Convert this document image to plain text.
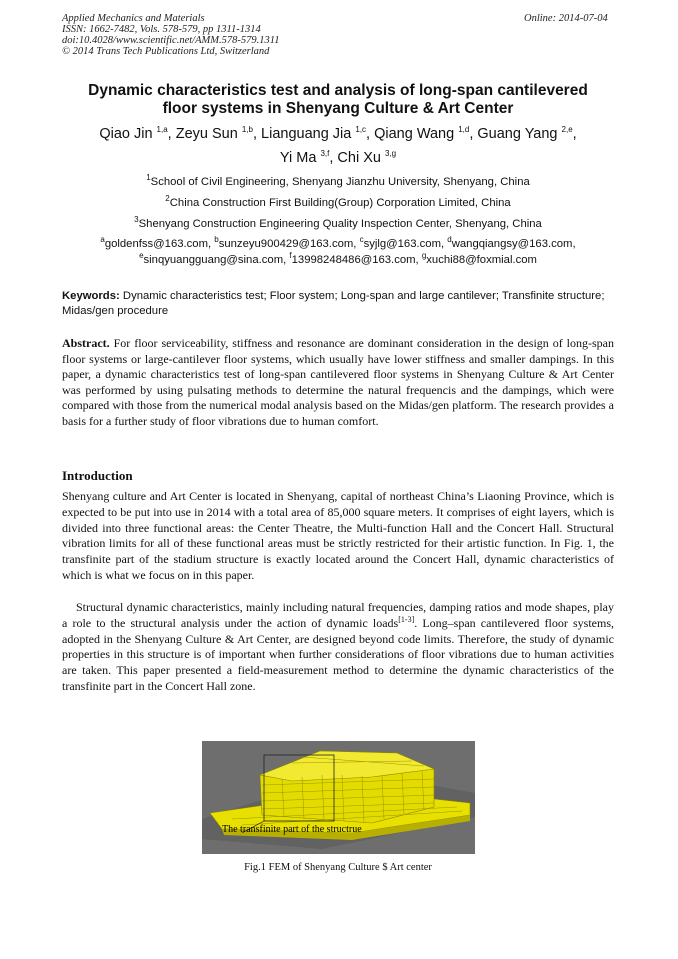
Applied Mechanics and Materials
ISSN: 1662-7482, Vols. 578-579, pp 1311-1314
doi:10.4028/www.scientific.net/AMM.578-579.1311
© 2014 Trans Tech Publications Ltd, Switzerland
Online: 2014-07-04
Dynamic characteristics test and analysis of long-span cantilevered
floor systems in Shenyang Culture & Art Center
Qiao Jin $^{1,a}$, Zeyu Sun $^{1,b}$, Lianguang Jia $^{1,c}$, Qiang Wang $^{1,d}$, Guang Yang $^{2,e}$,
Yi Ma $^{3,f}$, Chi Xu $^{3,g}$
$^1$School of Civil Engineering, Shenyang Jianzhu University, Shenyang, China
$^2$China Construction First Building(Group) Corporation Limited, China
$^3$Shenyang Construction Engineering Quality Inspection Center, Shenyang, China
$^a$goldenfss@163.com, $^b$sunzeyu900429@163.com, $^c$syjlg@163.com, $^d$wangqiangsy@163.com,
$^e$sinqyuangguang@sina.com, $^f$13998248486@163.com, $^g$xuchi88@foxmial.com
Keywords: Dynamic characteristics test; Floor system; Long-span and large cantilever; Transfinite structure; Midas/gen procedure
Abstract. For floor serviceability, stiffness and resonance are dominant consideration in the design of long-span floor systems or large-cantilever floor systems, which usually have lower stiffness and smaller dampings. In this paper, a dynamic characteristics test of long-span cantilevered floor systems in Shenyang Culture & Art Center was performed by using pulsating methods to determine the natural frequencis and the dampings, which were compared with those from the numerical modal analysis based on the Midas/gen platform. The research provides a basis for a further study of floor vibrations due to human comfort.
Introduction
Shenyang culture and Art Center is located in Shenyang, capital of northeast China’s Liaoning Province, which is expected to be put into use in 2014 with a total area of 85,000 square meters. It comprises of eight layers, which is divided into three functional areas: the Center Theatre, the Multi-function Hall and the Concert Hall. Structural vibration limits for all of these functional areas must be strictly restricted for their artistic function. In Fig. 1, the transfinite part of the stadium structure is exactly located around the Concert Hall, dynamic characteristics of which is what we focus on in this paper.
Structural dynamic characteristics, mainly including natural frequencies, damping ratios and mode shapes, play a role to the structural analysis under the action of dynamic loads[1-3]. Long–span cantilevered floor systems, adopted in the Shenyang Culture & Art Center, are designed beyond code limits. Therefore, the study of dynamic properties in this structure is of important when further considerations of floor vibrations due to human activities are taken. This paper presented a field-measurement method to determine the dynamic characteristics of the transfinite part in the Concert Hall zone.
The transfinite part of the structrue
Fig.1 FEM of Shenyang Culture $ Art center
